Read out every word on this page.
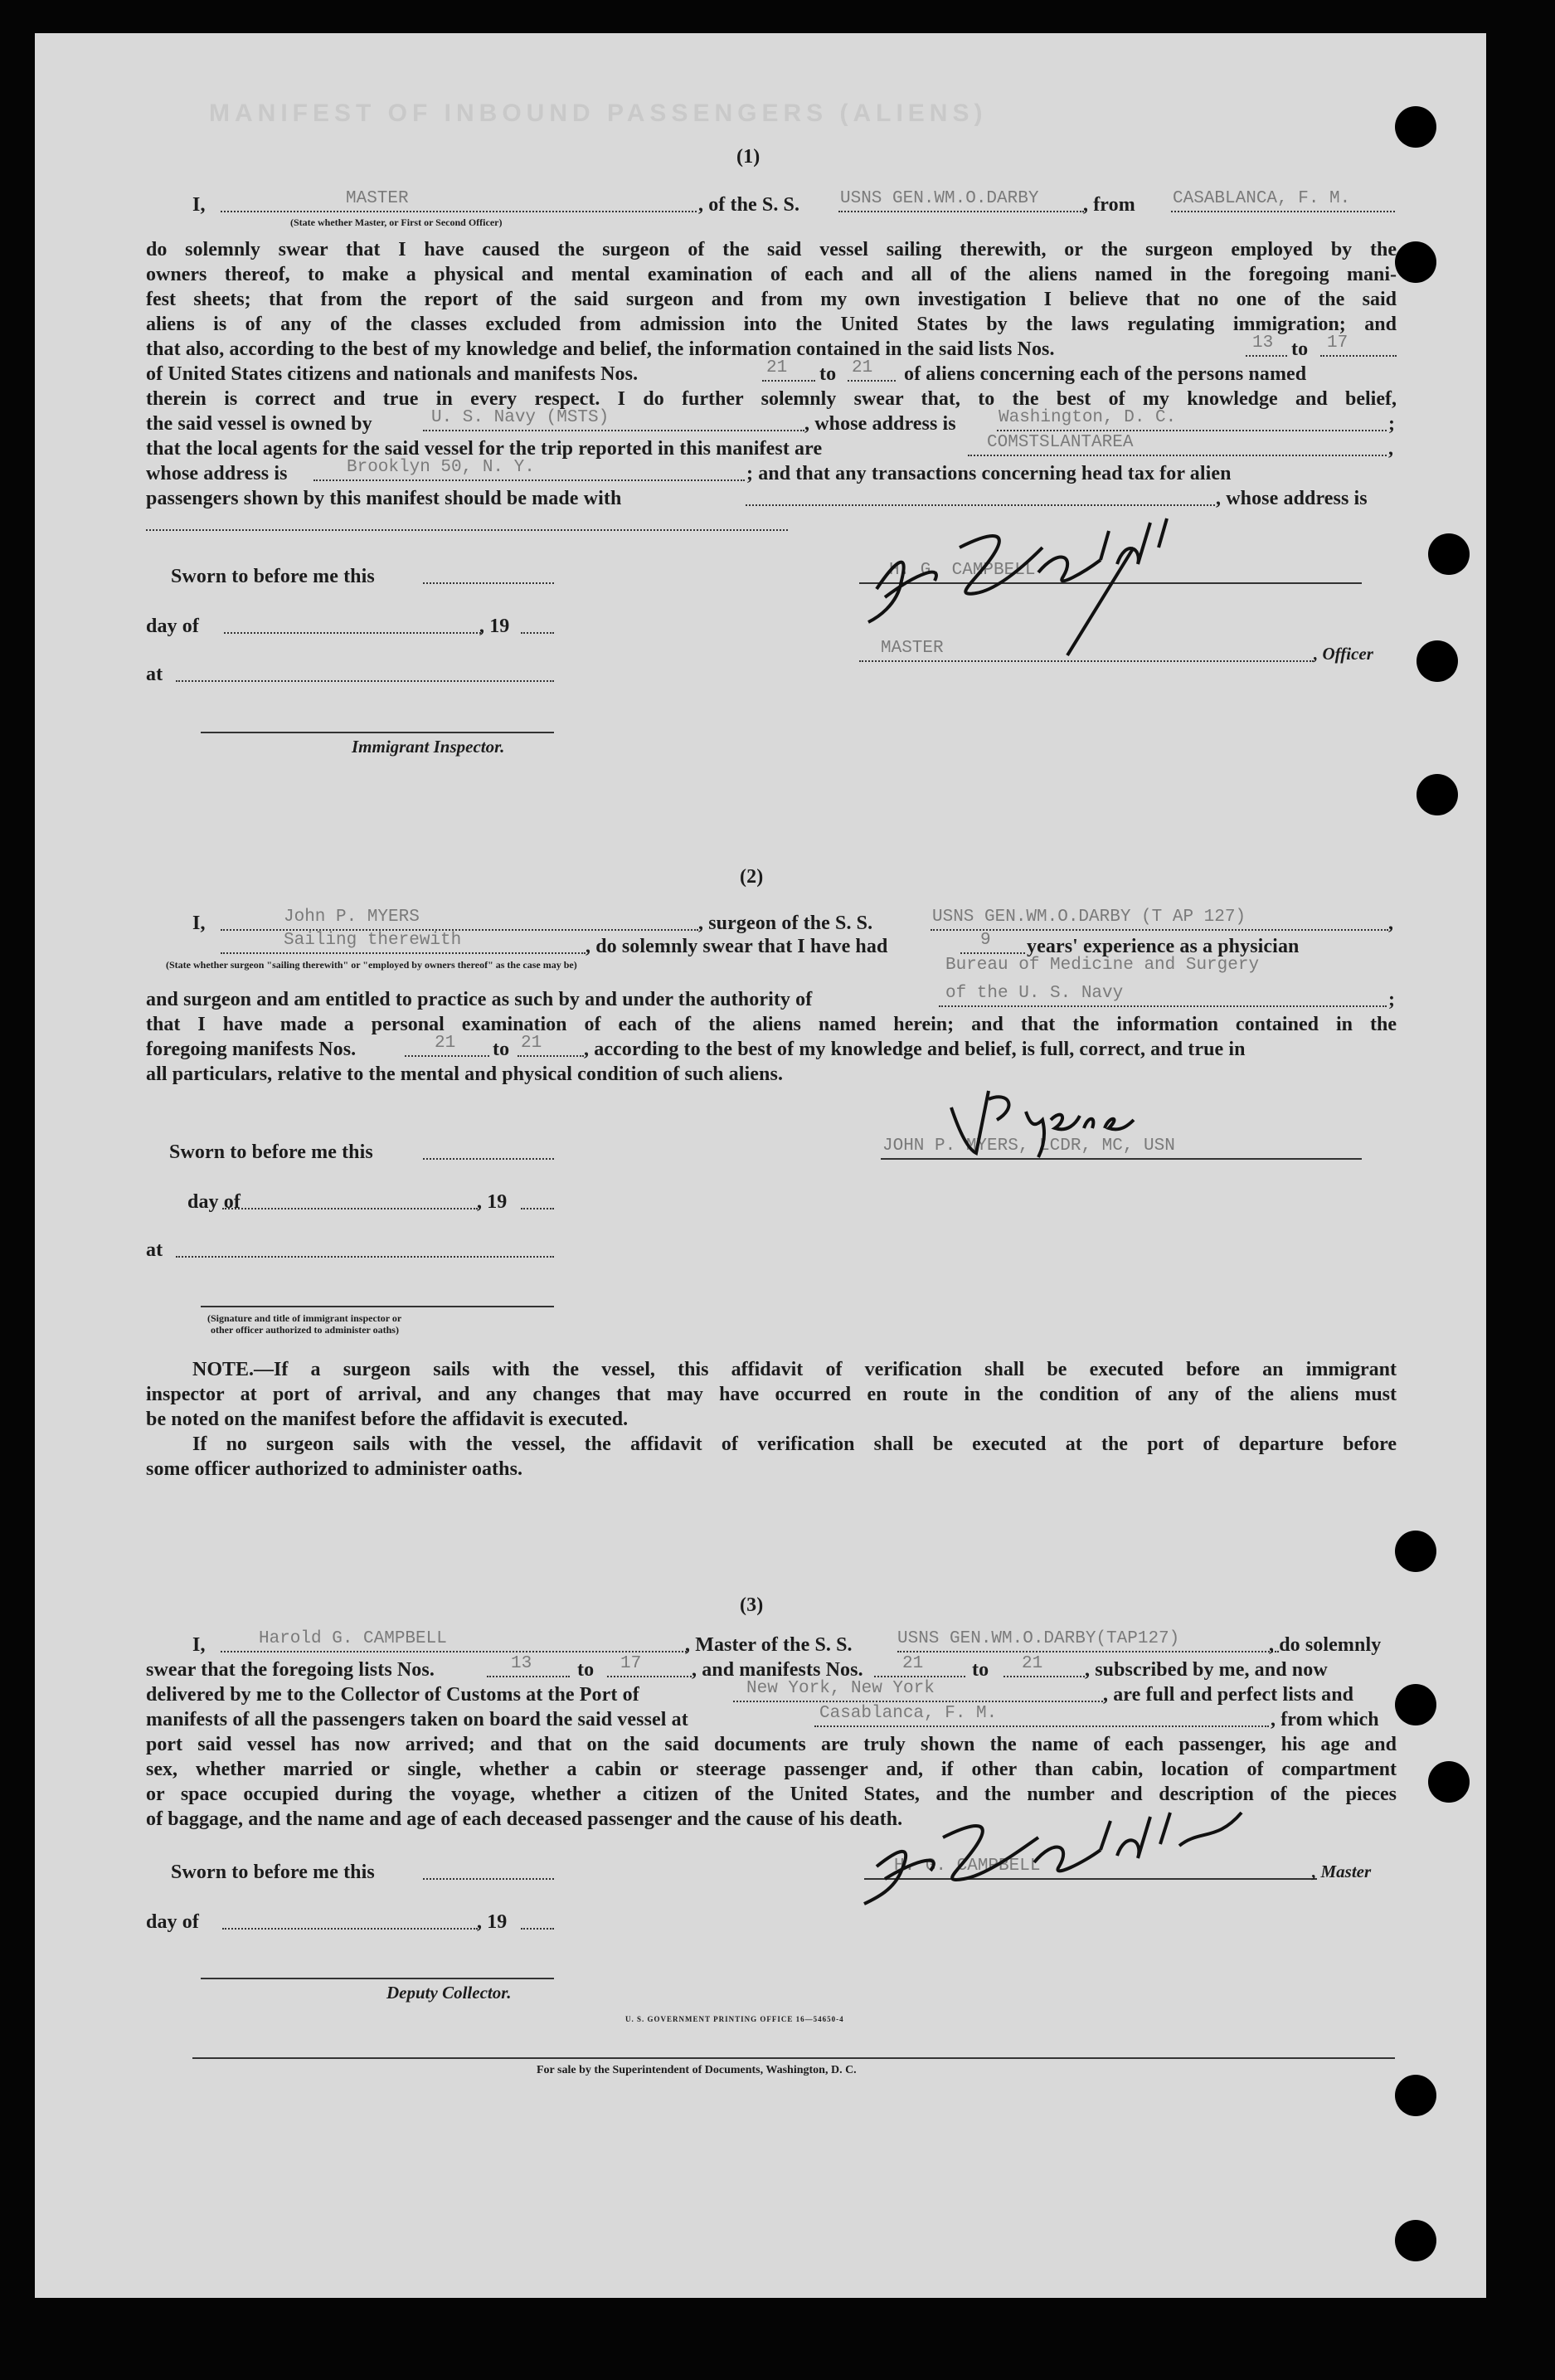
MANIFEST OF INBOUND PASSENGERS (ALIENS)
(1)
I,	MASTER
(State whether Master, or First or Second Officer)
, of the S. S. USNS GEN.WM.O.DARBY , from CASABLANCA, F. M.
do solemnly swear that I have caused the surgeon of the said vessel sailing therewith, or the surgeon employed by the
owners thereof, to make a physical and mental examination of each and all of the aliens named in the foregoing mani-
fest sheets; that from the report of the said surgeon and from my own investigation I believe that no one of the said
aliens is of any of the classes excluded from admission into the United States by the laws regulating immigration; and
that also, according to the best of my knowledge and belief, the information contained in the said lists Nos.	13 to 17
of United States citizens and nationals and manifests Nos.	21 to 21 of aliens concerning each of the persons named
therein is correct and true in every respect. I do further solemnly swear that, to the best of my knowledge and belief,
the said vessel is owned by	U. S. Navy (MSTS)	, whose address is Washington, D. C.	;
that the local agents for the said vessel for the trip reported in this manifest are	COMSTSLANTAREA	,
whose address is	Brooklyn 50, N. Y.	; and that any transactions concerning head tax for alien
passengers shown by this manifest should be made with	, whose address is
Sworn to before me this
day of	, 19
at
Immigrant Inspector.
H. G. CAMPBELL
MASTER	, Officer
(2)
I,	John P. MYERS	, surgeon of the S. S.	USNS GEN.WM.O.DARBY (T AP 127)	,
Sailing therewith	, do solemnly swear that I have had	9 years' experience as a physician
(State whether surgeon "sailing therewith" or "employed by owners thereof" as the case may be)	Bureau of Medicine and Surgery
and surgeon and am entitled to practice as such by and under the authority of	of the U. S. Navy	;
that I have made a personal examination of each of the aliens named herein; and that the information contained in the
foregoing manifests Nos.	21 to 21 , according to the best of my knowledge and belief, is full, correct, and true in
all particulars, relative to the mental and physical condition of such aliens.
Sworn to before me this
day of	, 19
at
(Signature and title of immigrant inspector or
other officer authorized to administer oaths)
JOHN P. MYERS, LCDR, MC, USN
NOTE.—If a surgeon sails with the vessel, this affidavit of verification shall be executed before an immigrant
inspector at port of arrival, and any changes that may have occurred en route in the condition of any of the aliens must
be noted on the manifest before the affidavit is executed.
If no surgeon sails with the vessel, the affidavit of verification shall be executed at the port of departure before
some officer authorized to administer oaths.
(3)
I,	Harold G. CAMPBELL	, Master of the S. S.	USNS GEN.WM.O.DARBY(TAP127)	, do solemnly
swear that the foregoing lists Nos.	13 to 17	, and manifests Nos. 21 to 21 , subscribed by me, and now
delivered by me to the Collector of Customs at the Port of	New York, New York	, are full and perfect lists and
manifests of all the passengers taken on board the said vessel at	Casablanca, F. M.	, from which
port said vessel has now arrived; and that on the said documents are truly shown the name of each passenger, his age and
sex, whether married or single, whether a cabin or steerage passenger and, if other than cabin, location of compartment
or space occupied during the voyage, whether a citizen of the United States, and the number and description of the pieces
of baggage, and the name and age of each deceased passenger and the cause of his death.
Sworn to before me this
day of	, 19
Deputy Collector.
H. G. CAMPBELL	, Master
U. S. GOVERNMENT PRINTING OFFICE 16—54650-4
For sale by the Superintendent of Documents, Washington, D. C.
